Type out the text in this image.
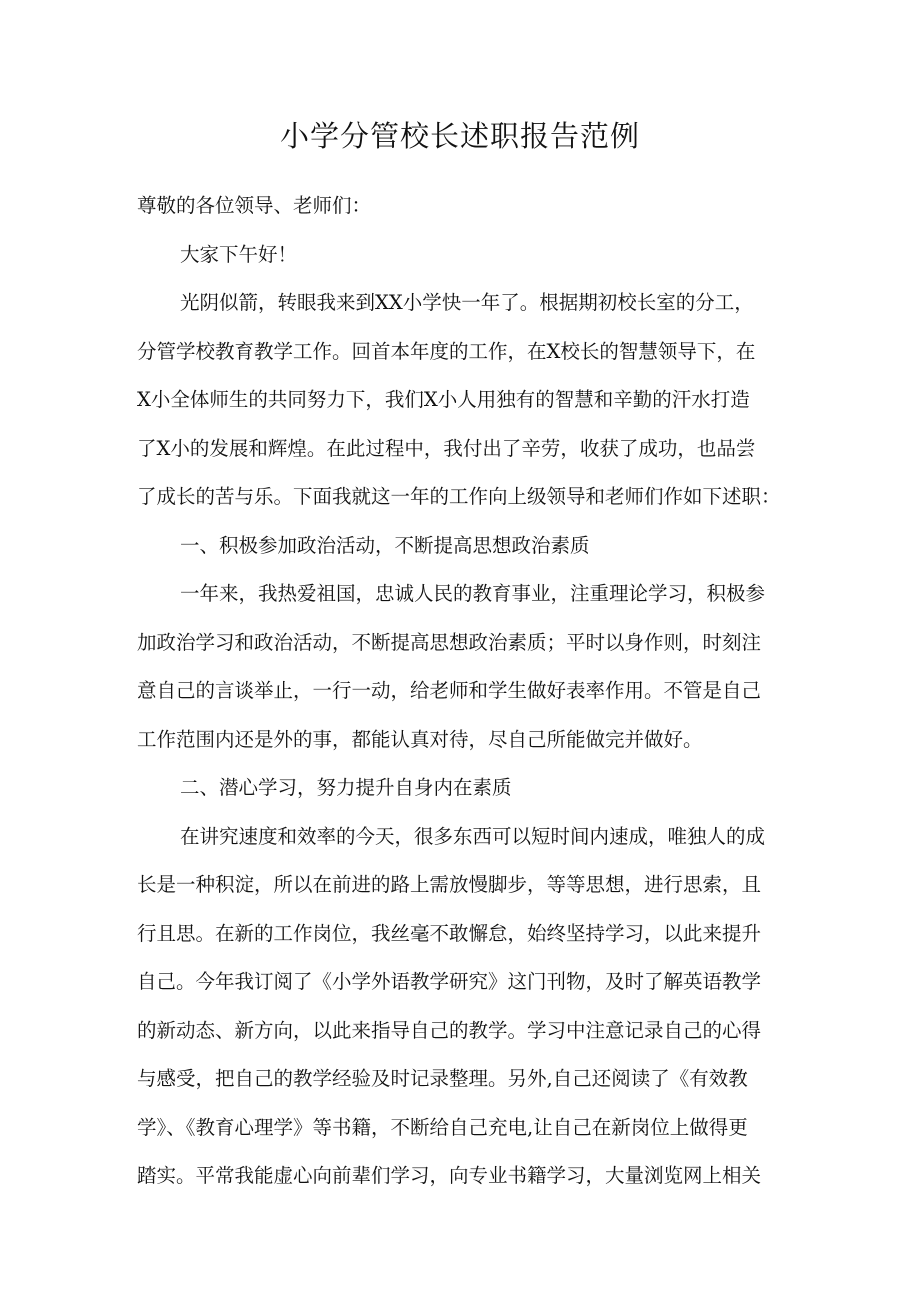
小学分管校长述职报告范例
尊敬的各位领导、老师们：
大家下午好！
光阴似箭，转眼我来到XX小学快一年了。根据期初校长室的分工，
分管学校教育教学工作。回首本年度的工作，在X校长的智慧领导下，在
X小全体师生的共同努力下，我们X小人用独有的智慧和辛勤的汗水打造
了X小的发展和辉煌。在此过程中，我付出了辛劳，收获了成功，也品尝
了成长的苦与乐。下面我就这一年的工作向上级领导和老师们作如下述职：
一、积极参加政治活动，不断提高思想政治素质
一年来，我热爱祖国，忠诚人民的教育事业，注重理论学习，积极参
加政治学习和政治活动，不断提高思想政治素质；平时以身作则，时刻注
意自己的言谈举止，一行一动，给老师和学生做好表率作用。不管是自己
工作范围内还是外的事，都能认真对待，尽自己所能做完并做好。
二、潜心学习，努力提升自身内在素质
在讲究速度和效率的今天，很多东西可以短时间内速成，唯独人的成
长是一种积淀，所以在前进的路上需放慢脚步，等等思想，进行思索，且
行且思。在新的工作岗位，我丝毫不敢懈怠，始终坚持学习，以此来提升
自己。今年我订阅了《小学外语教学研究》这门刊物，及时了解英语教学
的新动态、新方向，以此来指导自己的教学。学习中注意记录自己的心得
与感受，把自己的教学经验及时记录整理。另外,自己还阅读了《有效教
学》、《教育心理学》等书籍，不断给自己充电,让自己在新岗位上做得更
踏实。平常我能虚心向前辈们学习，向专业书籍学习，大量浏览网上相关
